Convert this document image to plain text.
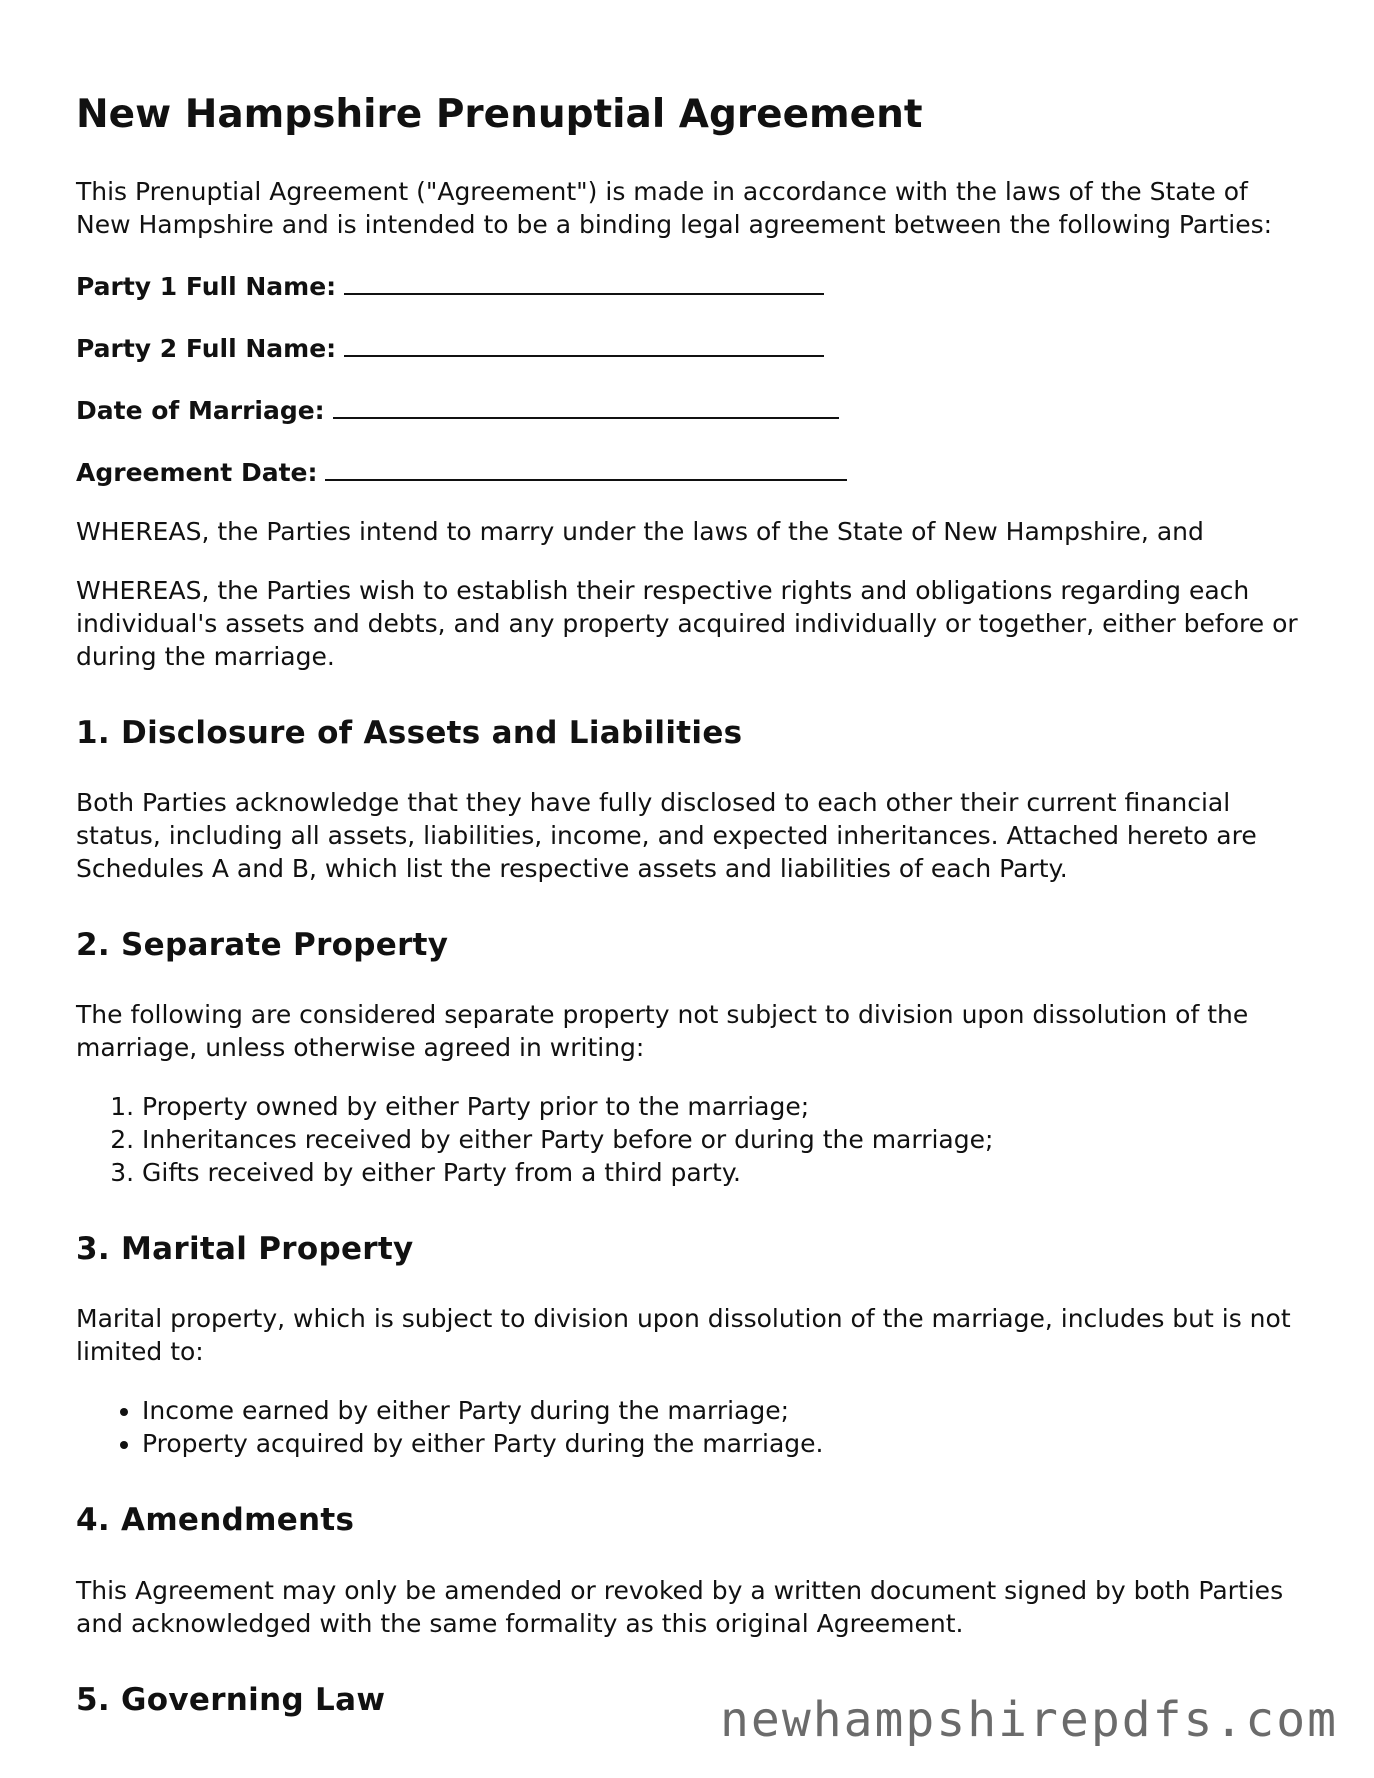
New Hampshire Prenuptial Agreement

This Prenuptial Agreement ("Agreement") is made in accordance with the laws of the State of New Hampshire and is intended to be a binding legal agreement between the following Parties:

Party 1 Full Name:
Party 2 Full Name:
Date of Marriage:
Agreement Date:

WHEREAS, the Parties intend to marry under the laws of the State of New Hampshire, and

WHEREAS, the Parties wish to establish their respective rights and obligations regarding each individual's assets and debts, and any property acquired individually or together, either before or during the marriage.

1. Disclosure of Assets and Liabilities

Both Parties acknowledge that they have fully disclosed to each other their current financial status, including all assets, liabilities, income, and expected inheritances. Attached hereto are Schedules A and B, which list the respective assets and liabilities of each Party.

2. Separate Property

The following are considered separate property not subject to division upon dissolution of the marriage, unless otherwise agreed in writing:

1. Property owned by either Party prior to the marriage;
2. Inheritances received by either Party before or during the marriage;
3. Gifts received by either Party from a third party.
3. Marital Property

Marital property, which is subject to division upon dissolution of the marriage, includes but is not limited to:

• Income earned by either Party during the marriage;
• Property acquired by either Party during the marriage.
4. Amendments

This Agreement may only be amended or revoked by a written document signed by both Parties and acknowledged with the same formality as this original Agreement.

5. Governing Law	newhampshirepdfs.com
